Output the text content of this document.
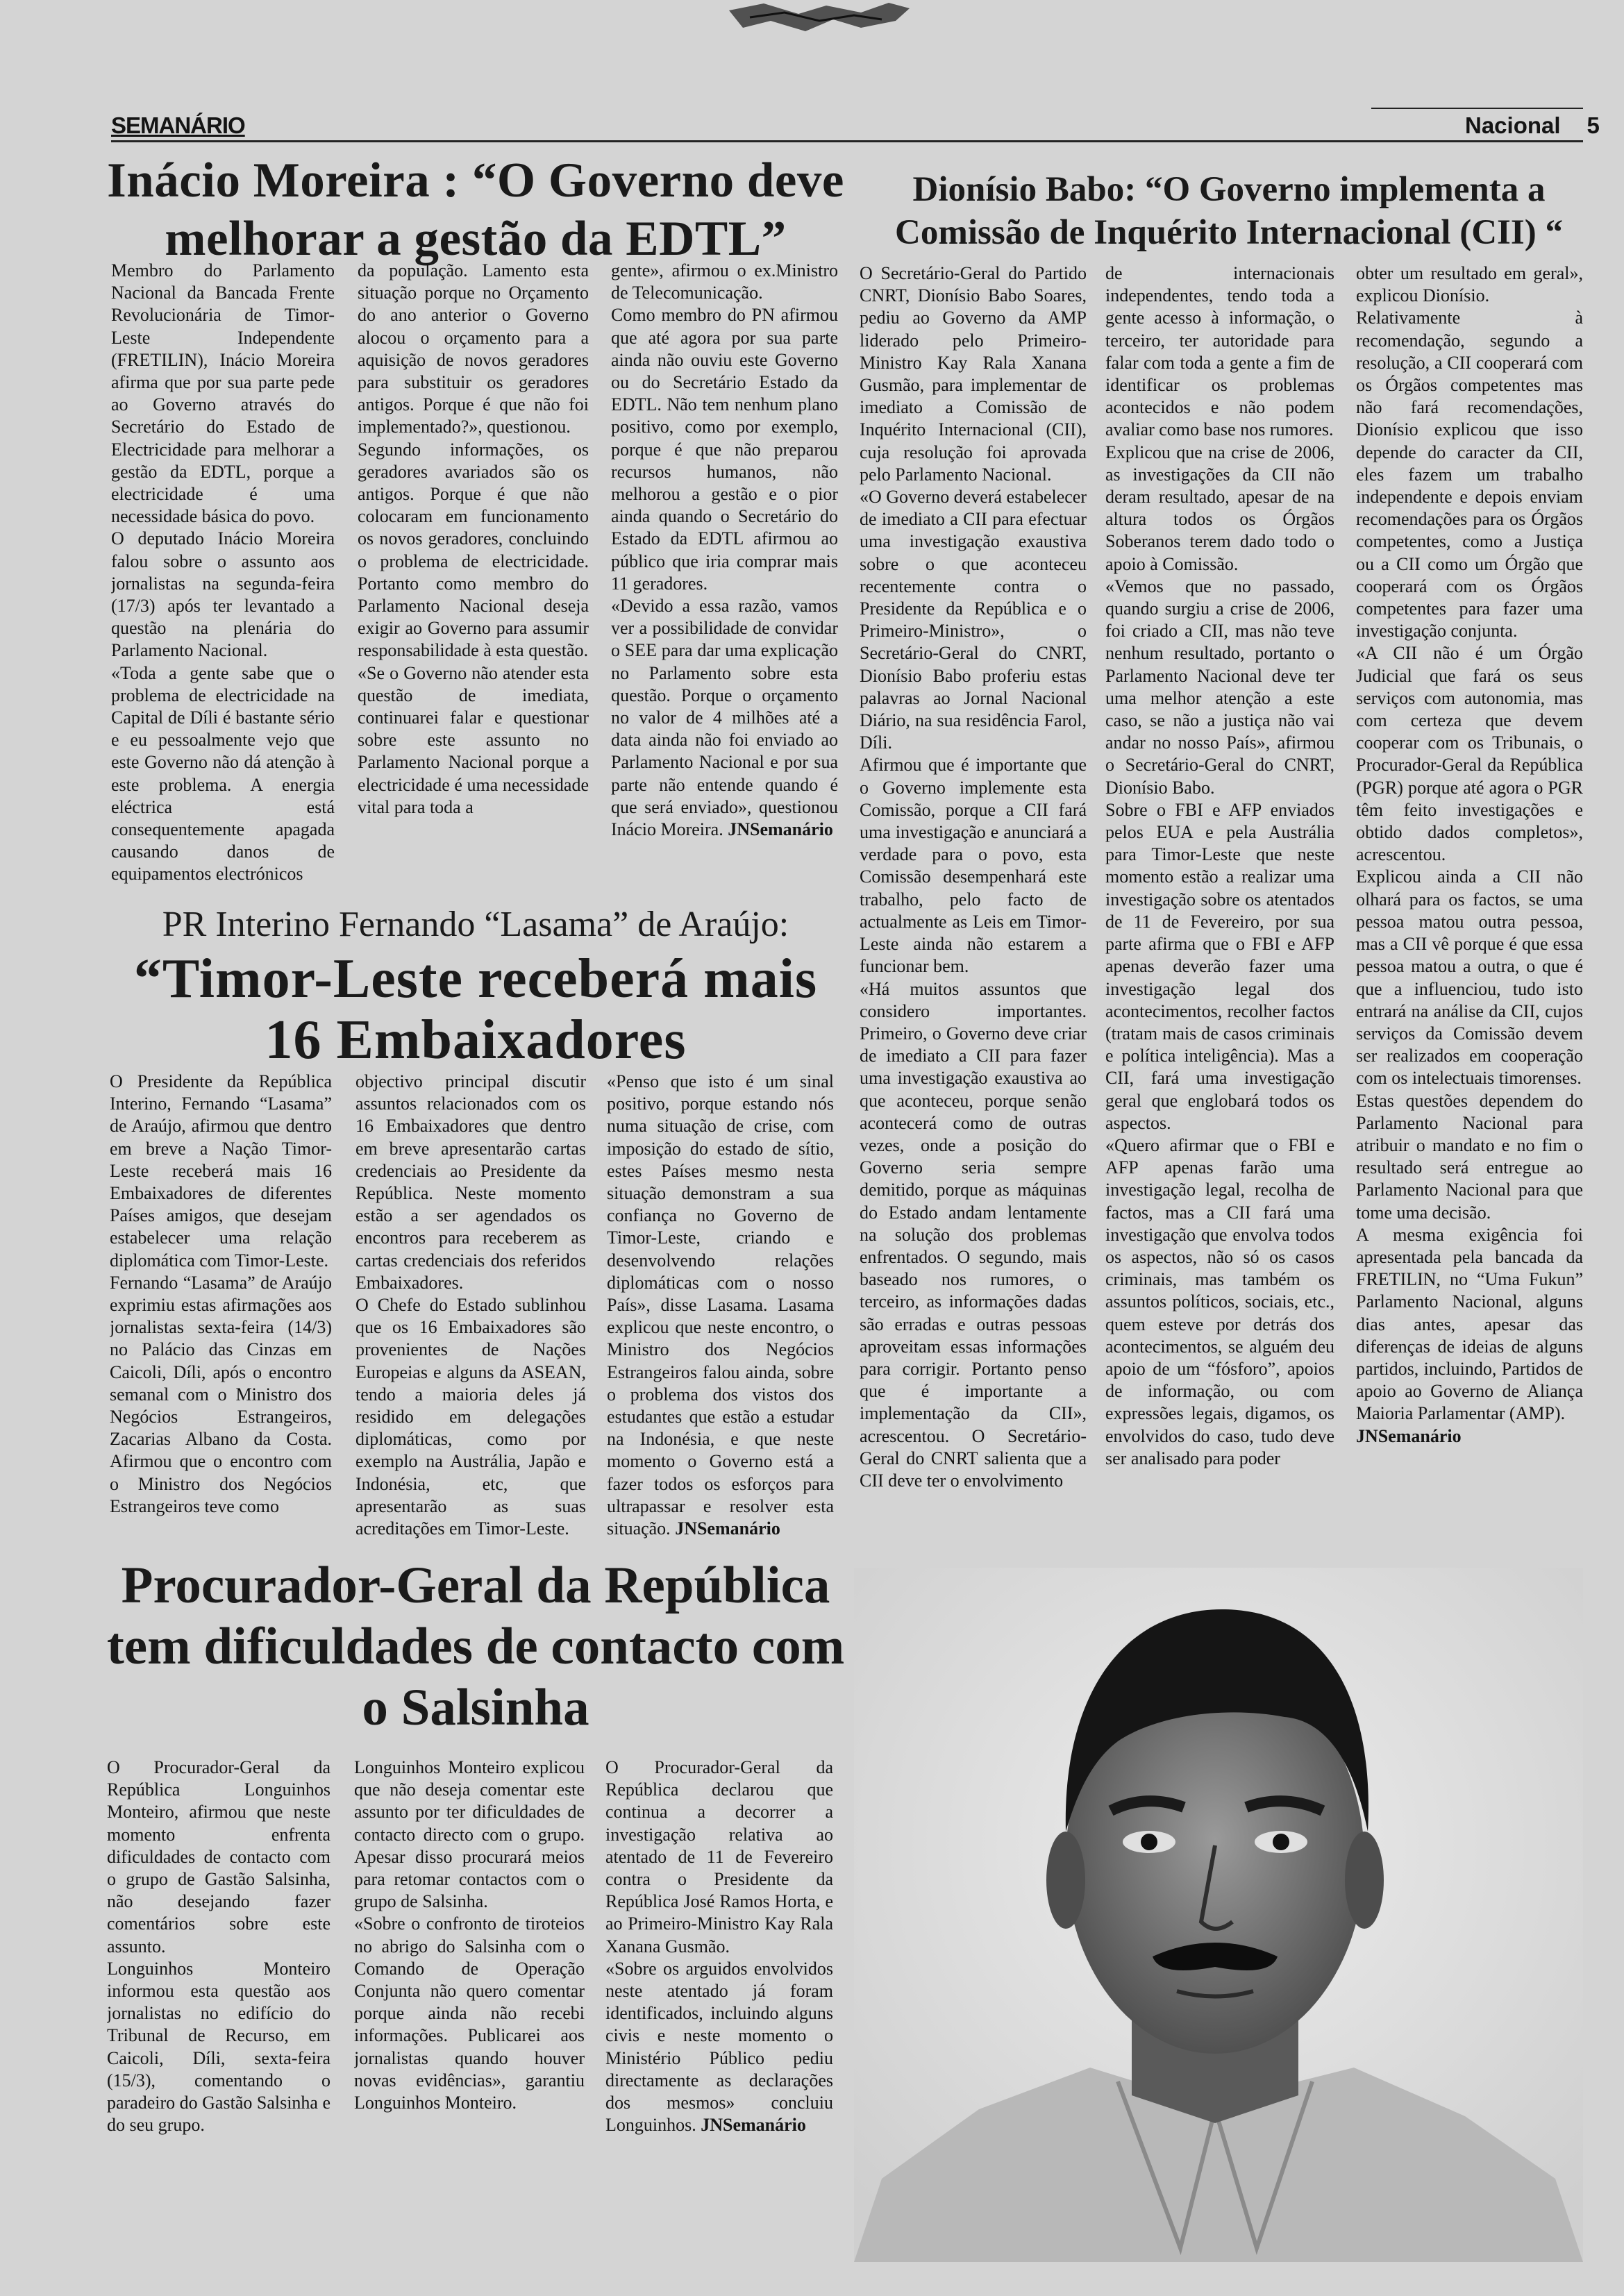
SEMANÁRIO	Nacional 5
Inácio Moreira : “O Governo deve melhorar a gestão da EDTL”

Membro do Parlamento Nacional da Bancada Frente Revolucionária de Timor-Leste Independente (FRETILIN), Inácio Moreira afirma que por sua parte pede ao Governo através do Secretário do Estado de Electricidade para melhorar a gestão da EDTL, porque a electricidade é uma necessidade básica do povo.

O deputado Inácio Moreira falou sobre o assunto aos jornalistas na segunda-feira (17/3) após ter levantado a questão na plenária do Parlamento Nacional.

«Toda a gente sabe que o problema de electricidade na Capital de Díli é bastante sério e eu pessoalmente vejo que este Governo não dá atenção à este problema. A energia eléctrica está consequentemente apagada causando danos de equipamentos electrónicos

da população. Lamento esta situação porque no Orçamento do ano anterior o Governo alocou o orçamento para a aquisição de novos geradores para substituir os geradores antigos. Porque é que não foi implementado?», questionou.

Segundo informações, os geradores avariados são os antigos. Porque é que não colocaram em funcionamento os novos geradores, concluindo o problema de electricidade. Portanto como membro do Parlamento Nacional deseja exigir ao Governo para assumir responsabilidade à esta questão.

«Se o Governo não atender esta questão de imediata, continuarei falar e questionar sobre este assunto no Parlamento Nacional porque a electricidade é uma necessidade vital para toda a

gente», afirmou o ex.Ministro de Telecomunicação.

Como membro do PN afirmou que até agora por sua parte ainda não ouviu este Governo ou do Secretário Estado da EDTL. Não tem nenhum plano positivo, como por exemplo, porque é que não preparou recursos humanos, não melhorou a gestão e o pior ainda quando o Secretário do Estado da EDTL afirmou ao público que iria comprar mais 11 geradores.

«Devido a essa razão, vamos ver a possibilidade de convidar o SEE para dar uma explicação no Parlamento sobre esta questão. Porque o orçamento no valor de 4 milhões até a data ainda não foi enviado ao Parlamento Nacional e por sua parte não entende quando é que será enviado», questionou Inácio Moreira. JNSemanário

Dionísio Babo: “O Governo implementa a Comissão de Inquérito Internacional (CII) “

O Secretário-Geral do Partido CNRT, Dionísio Babo Soares, pediu ao Governo da AMP liderado pelo Primeiro-Ministro Kay Rala Xanana Gusmão, para implementar de imediato a Comissão de Inquérito Internacional (CII), cuja resolução foi aprovada pelo Parlamento Nacional.

«O Governo deverá estabelecer de imediato a CII para efectuar uma investigação exaustiva sobre o que aconteceu recentemente contra o Presidente da República e o Primeiro-Ministro», o Secretário-Geral do CNRT, Dionísio Babo proferiu estas palavras ao Jornal Nacional Diário, na sua residência Farol, Díli.

Afirmou que é importante que o Governo implemente esta Comissão, porque a CII fará uma investigação e anunciará a verdade para o povo, esta Comissão desempenhará este trabalho, pelo facto de actualmente as Leis em Timor-Leste ainda não estarem a funcionar bem.

«Há muitos assuntos que considero importantes. Primeiro, o Governo deve criar de imediato a CII para fazer uma investigação exaustiva ao que aconteceu, porque senão acontecerá como de outras vezes, onde a posição do Governo seria sempre demitido, porque as máquinas do Estado andam lentamente na solução dos problemas enfrentados. O segundo, mais baseado nos rumores, o terceiro, as informações dadas são erradas e outras pessoas aproveitam essas informações para corrigir. Portanto penso que é importante a implementação da CII», acrescentou. O Secretário-Geral do CNRT salienta que a CII deve ter o envolvimento

de internacionais independentes, tendo toda a gente acesso à informação, o terceiro, ter autoridade para falar com toda a gente a fim de identificar os problemas acontecidos e não podem avaliar como base nos rumores.

Explicou que na crise de 2006, as investigações da CII não deram resultado, apesar de na altura todos os Órgãos Soberanos terem dado todo o apoio à Comissão.

«Vemos que no passado, quando surgiu a crise de 2006, foi criado a CII, mas não teve nenhum resultado, portanto o Parlamento Nacional deve ter uma melhor atenção a este caso, se não a justiça não vai andar no nosso País», afirmou o Secretário-Geral do CNRT, Dionísio Babo.

Sobre o FBI e AFP enviados pelos EUA e pela Austrália para Timor-Leste que neste momento estão a realizar uma investigação sobre os atentados de 11 de Fevereiro, por sua parte afirma que o FBI e AFP apenas deverão fazer uma investigação legal dos acontecimentos, recolher factos (tratam mais de casos criminais e política inteligência). Mas a CII, fará uma investigação geral que englobará todos os aspectos.

«Quero afirmar que o FBI e AFP apenas farão uma investigação legal, recolha de factos, mas a CII fará uma investigação que envolva todos os aspectos, não só os casos criminais, mas também os assuntos políticos, sociais, etc., quem esteve por detrás dos acontecimentos, se alguém deu apoio de um “fósforo”, apoios de informação, ou com expressões legais, digamos, os envolvidos do caso, tudo deve ser analisado para poder

obter um resultado em geral», explicou Dionísio.

Relativamente à recomendação, segundo a resolução, a CII cooperará com os Órgãos competentes mas não fará recomendações, Dionísio explicou que isso depende do caracter da CII, eles fazem um trabalho independente e depois enviam recomendações para os Órgãos competentes, como a Justiça ou a CII como um Órgão que cooperará com os Órgãos competentes para fazer uma investigação conjunta.

«A CII não é um Órgão Judicial que fará os seus serviços com autonomia, mas com certeza que devem cooperar com os Tribunais, o Procurador-Geral da República (PGR) porque até agora o PGR têm feito investigações e obtido dados completos», acrescentou.

Explicou ainda a CII não olhará para os factos, se uma pessoa matou outra pessoa, mas a CII vê porque é que essa pessoa matou a outra, o que é que a influenciou, tudo isto entrará na análise da CII, cujos serviços da Comissão devem ser realizados em cooperação com os intelectuais timorenses.

Estas questões dependem do Parlamento Nacional para atribuir o mandato e no fim o resultado será entregue ao Parlamento Nacional para que tome uma decisão.

A mesma exigência foi apresentada pela bancada da FRETILIN, no “Uma Fukun” Parlamento Nacional, alguns dias antes, apesar das diferenças de ideias de alguns partidos, incluindo, Partidos de apoio ao Governo de Aliança Maioria Parlamentar (AMP).

JNSemanário

PR Interino Fernando “Lasama” de Araújo:
“Timor-Leste receberá mais 16 Embaixadores

O Presidente da República Interino, Fernando “Lasama” de Araújo, afirmou que dentro em breve a Nação Timor-Leste receberá mais 16 Embaixadores de diferentes Países amigos, que desejam estabelecer uma relação diplomática com Timor-Leste.

Fernando “Lasama” de Araújo exprimiu estas afirmações aos jornalistas sexta-feira (14/3) no Palácio das Cinzas em Caicoli, Díli, após o encontro semanal com o Ministro dos Negócios Estrangeiros, Zacarias Albano da Costa. Afirmou que o encontro com o Ministro dos Negócios Estrangeiros teve como

objectivo principal discutir assuntos relacionados com os 16 Embaixadores que dentro em breve apresentarão cartas credenciais ao Presidente da República. Neste momento estão a ser agendados os encontros para receberem as cartas credenciais dos referidos Embaixadores.

O Chefe do Estado sublinhou que os 16 Embaixadores são provenientes de Nações Europeias e alguns da ASEAN, tendo a maioria deles já residido em delegações diplomáticas, como por exemplo na Austrália, Japão e Indonésia, etc, que apresentarão as suas acreditações em Timor-Leste.

«Penso que isto é um sinal positivo, porque estando nós numa situação de crise, com imposição do estado de sítio, estes Países mesmo nesta situação demonstram a sua confiança no Governo de Timor-Leste, criando e desenvolvendo relações diplomáticas com o nosso País», disse Lasama. Lasama explicou que neste encontro, o Ministro dos Negócios Estrangeiros falou ainda, sobre o problema dos vistos dos estudantes que estão a estudar na Indonésia, e que neste momento o Governo está a fazer todos os esforços para ultrapassar e resolver esta situação. JNSemanário

Procurador-Geral da República tem dificuldades de contacto com o Salsinha

O Procurador-Geral da República Longuinhos Monteiro, afirmou que neste momento enfrenta dificuldades de contacto com o grupo de Gastão Salsinha, não desejando fazer comentários sobre este assunto.

Longuinhos Monteiro informou esta questão aos jornalistas no edifício do Tribunal de Recurso, em Caicoli, Díli, sexta-feira (15/3), comentando o paradeiro do Gastão Salsinha e do seu grupo.

Longuinhos Monteiro explicou que não deseja comentar este assunto por ter dificuldades de contacto directo com o grupo. Apesar disso procurará meios para retomar contactos com o grupo de Salsinha.

«Sobre o confronto de tiroteios no abrigo do Salsinha com o Comando de Operação Conjunta não quero comentar porque ainda não recebi informações. Publicarei aos jornalistas quando houver novas evidências», garantiu Longuinhos Monteiro.

O Procurador-Geral da República declarou que continua a decorrer a investigação relativa ao atentado de 11 de Fevereiro contra o Presidente da República José Ramos Horta, e ao Primeiro-Ministro Kay Rala Xanana Gusmão.

«Sobre os arguidos envolvidos neste atentado já foram identificados, incluindo alguns civis e neste momento o Ministério Público pediu directamente as declarações dos mesmos» concluiu Longuinhos. JNSemanário
